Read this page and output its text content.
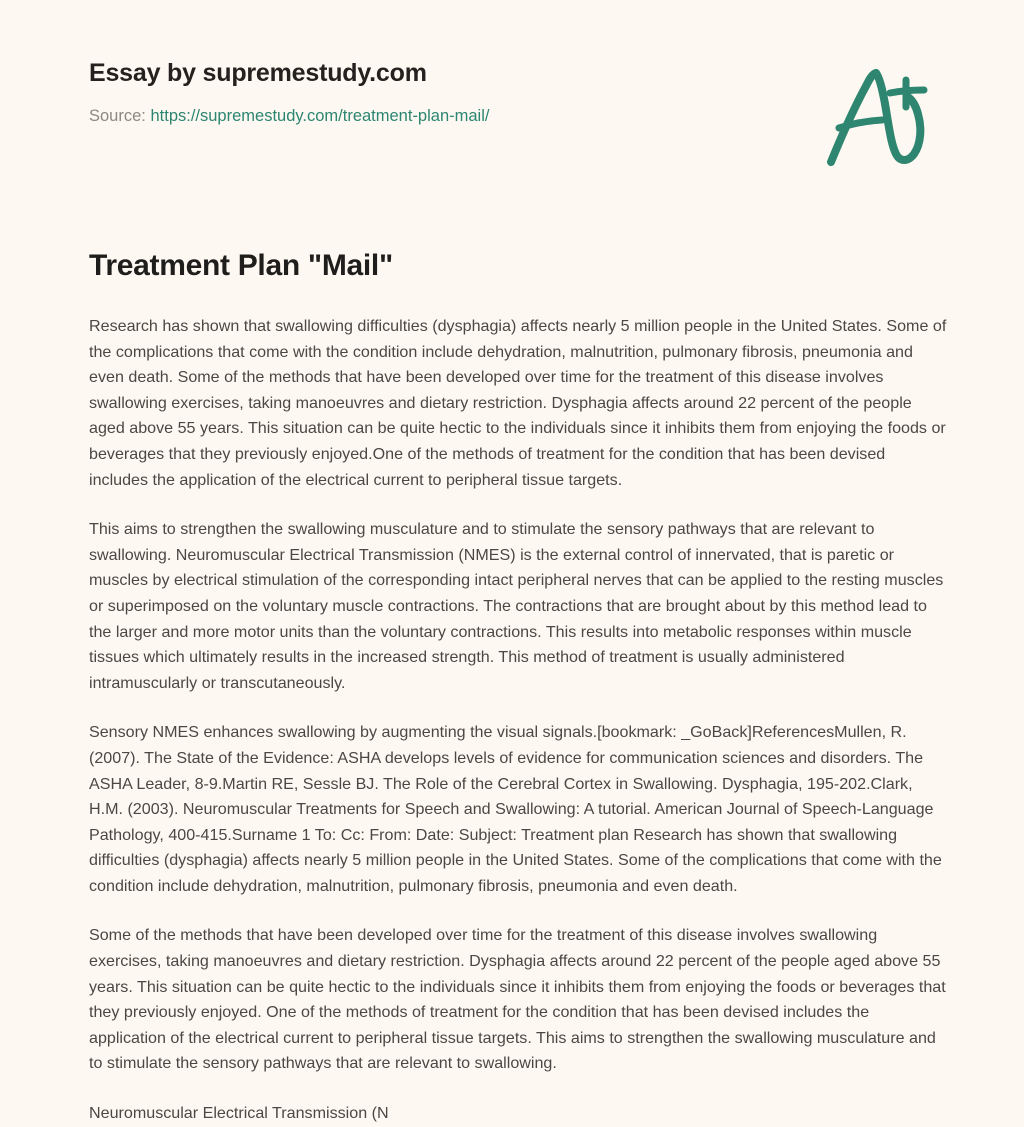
Essay by supremestudy.com
Source: https://supremestudy.com/treatment-plan-mail/
Treatment Plan "Mail"

Research has shown that swallowing difficulties (dysphagia) affects nearly 5 million people in the United States. Some of the complications that come with the condition include dehydration, malnutrition, pulmonary fibrosis, pneumonia and even death. Some of the methods that have been developed over time for the treatment of this disease involves swallowing exercises, taking manoeuvres and dietary restriction. Dysphagia affects around 22 percent of the people aged above 55 years. This situation can be quite hectic to the individuals since it inhibits them from enjoying the foods or beverages that they previously enjoyed.One of the methods of treatment for the condition that has been devised includes the application of the electrical current to peripheral tissue targets.

This aims to strengthen the swallowing musculature and to stimulate the sensory pathways that are relevant to swallowing. Neuromuscular Electrical Transmission (NMES) is the external control of innervated, that is paretic or muscles by electrical stimulation of the corresponding intact peripheral nerves that can be applied to the resting muscles or superimposed on the voluntary muscle contractions. The contractions that are brought about by this method lead to the larger and more motor units than the voluntary contractions. This results into metabolic responses within muscle tissues which ultimately results in the increased strength. This method of treatment is usually administered intramuscularly or transcutaneously.

Sensory NMES enhances swallowing by augmenting the visual signals.[bookmark: _GoBack]ReferencesMullen, R. (2007). The State of the Evidence: ASHA develops levels of evidence for communication sciences and disorders. The ASHA Leader, 8-9.Martin RE, Sessle BJ. The Role of the Cerebral Cortex in Swallowing. Dysphagia, 195-202.Clark, H.M. (2003). Neuromuscular Treatments for Speech and Swallowing: A tutorial. American Journal of Speech-Language Pathology, 400-415.Surname 1 To: Cc: From: Date: Subject: Treatment plan Research has shown that swallowing difficulties (dysphagia) affects nearly 5 million people in the United States. Some of the complications that come with the condition include dehydration, malnutrition, pulmonary fibrosis, pneumonia and even death.

Some of the methods that have been developed over time for the treatment of this disease involves swallowing exercises, taking manoeuvres and dietary restriction. Dysphagia affects around 22 percent of the people aged above 55 years. This situation can be quite hectic to the individuals since it inhibits them from enjoying the foods or beverages that they previously enjoyed. One of the methods of treatment for the condition that has been devised includes the application of the electrical current to peripheral tissue targets. This aims to strengthen the swallowing musculature and to stimulate the sensory pathways that are relevant to swallowing.

Neuromuscular Electrical Transmission (N
